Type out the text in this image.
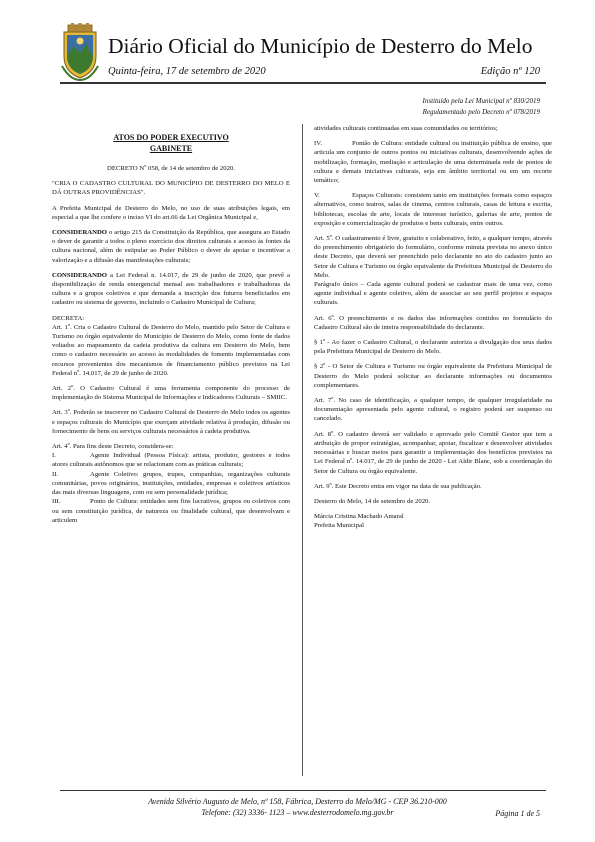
Diário Oficial do Município de Desterro do Melo
Quinta-feira, 17 de setembro de 2020	Edição nº 120
Instituído pela Lei Municipal nº 830/2019
Regulamentado pelo Decreto nº 078/2019
ATOS DO PODER EXECUTIVO
GABINETE

DECRETO Nº 058, de 14 de setembro de 2020.

"CRIA O CADASTRO CULTURAL DO MUNICÍPIO DE DESTERRO DO MELO E DÁ OUTRAS PROVIDÊNCIAS".

A Prefeita Municipal de Desterro do Melo, no uso de suas atribuições legais, em especial a que lhe confere o inciso VI do art.66 da Lei Orgânica Municipal e,

CONSIDERANDO o artigo 215 da Constituição da República, que assegura ao Estado o dever de garantir a todos o pleno exercício dos direitos culturais e acesso às fontes da cultura nacional, além de estipular ao Poder Público o dever de apoiar e incentivar a valorização e a difusão das manifestações culturais;

CONSIDERANDO a Lei Federal n. 14.017, de 29 de junho de 2020, que prevê a disponibilização de renda emergencial mensal aos trabalhadores e trabalhadoras da cultura e a grupos coletivos e que demanda a inscrição dos futuros beneficiados em cadastro ou sistema de governo, incluindo o Cadastro Municipal de Cultura;

DECRETA:

Art. 1º. Cria o Cadastro Cultural de Desterro do Melo, mantido pelo Setor de Cultura e Turismo ou órgão equivalente do Município de Desterro do Melo, como fonte de dados voltados ao mapeamento da cadeia produtiva da cultura em Desterro do Melo, bem como o cadastro necessário ao acesso às modalidades de fomento implementadas com recursos provenientes dos mecanismos de financiamento público previstos na Lei Federal nº. 14.017, de 29 de junho de 2020.

Art. 2º. O Cadastro Cultural é uma ferramenta componente do processo de implementação do Sistema Municipal de Informações e Indicadores Culturais – SMIIC.

Art. 3º. Poderão se inscrever no Cadastro Cultural de Desterro do Melo todos os agentes e espaços culturais do Município que exerçam atividade relativa à produção, difusão ou fornecimento de bens ou serviços culturais necessários à cadeia produtiva.

Art. 4º. Para fins deste Decreto, considera-se:

I.	Agente Individual (Pessoa Física): artista, produtor, gestores e todos atores culturais autônomos que se relacionam com as práticas culturais;

II.	Agente Coletivo: grupos, trupes, companhias, organizações culturais comunitárias, povos originários, instituições, entidades, empresas e coletivos artísticos das mais diversas linguagens, com ou sem personalidade jurídica;

III.	Ponto de Cultura: entidades sem fins lucrativos, grupos ou coletivos com ou sem constituição jurídica, de natureza ou finalidade cultural, que desenvolvam e articulem

atividades culturais continuadas em suas comunidades ou territórios;

IV.	Pontão de Cultura: entidade cultural ou instituição pública de ensino, que articula um conjunto de outros pontos ou iniciativas culturais, desenvolvendo ações de mobilização, formação, mediação e articulação de uma determinada rede de pontos de cultura e demais iniciativas culturais, seja em âmbito territorial ou em um recorte temático;

V.	Espaços Culturais: consistem tanto em instituições formais como espaços alternativos, como teatros, salas de cinema, centros culturais, casas de leitura e escrita, bibliotecas, escolas de arte, locais de interesse turístico, galerias de arte, pontos de exposição e comercialização de produtos e bens culturais, entre outros.

Art. 5º. O cadastramento é livre, gratuito e colaborativo, feito, a qualquer tempo, através do preenchimento obrigatório do formulário, conforme minuta prevista no anexo único deste Decreto, que deverá ser preenchido pelo declarante no ato do cadastro junto ao Setor de Cultura e Turismo ou órgão equivalente da Prefeitura Municipal de Desterro do Melo.

Parágrafo único – Cada agente cultural poderá se cadastrar mais de uma vez, como agente individual e agente coletivo, além de associar ao seu perfil projetos e espaços culturais.

Art. 6º. O preenchimento e os dados das informações contidos no formulário do Cadastro Cultural são de inteira responsabilidade do declarante.

§ 1º - Ao fazer o Cadastro Cultural, o declarante autoriza a divulgação dos seus dados pela Prefeitura Municipal de Desterro do Melo.

§ 2º - O Setor de Cultura e Turismo ou órgão equivalente da Prefeitura Municipal de Desterro do Melo poderá solicitar ao declarante informações ou documentos complementares.

Art. 7º. No caso de identificação, a qualquer tempo, de qualquer irregularidade na documentação apresentada pelo agente cultural, o registro poderá ser suspenso ou cancelado.

Art. 8º. O cadastro deverá ser validado e aprovado pelo Comitê Gestor que tem a atribuição de propor estratégias, acompanhar, apoiar, fiscalizar e desenvolver atividades necessárias e buscar meios para garantir a implementação dos benefícios previstos na Lei Federal nº. 14.017, de 29 de junho de 2020 - Lei Aldir Blanc, sob a coordenação do Setor de Cultura ou órgão equivalente.

Art. 9º. Este Decreto entra em vigor na data de sua publicação.

Desterro do Melo, 14 de setembro de 2020.

Márcia Cristina Machado Amaral

Prefeita Municipal

Avenida Silvério Augusto de Melo, nº 158, Fábrica, Desterro do Melo/MG - CEP 36.210-000
Telefone: (32) 3336- 1123 – www.desterrodomelo.mg.gov.br	Página 1 de 5
